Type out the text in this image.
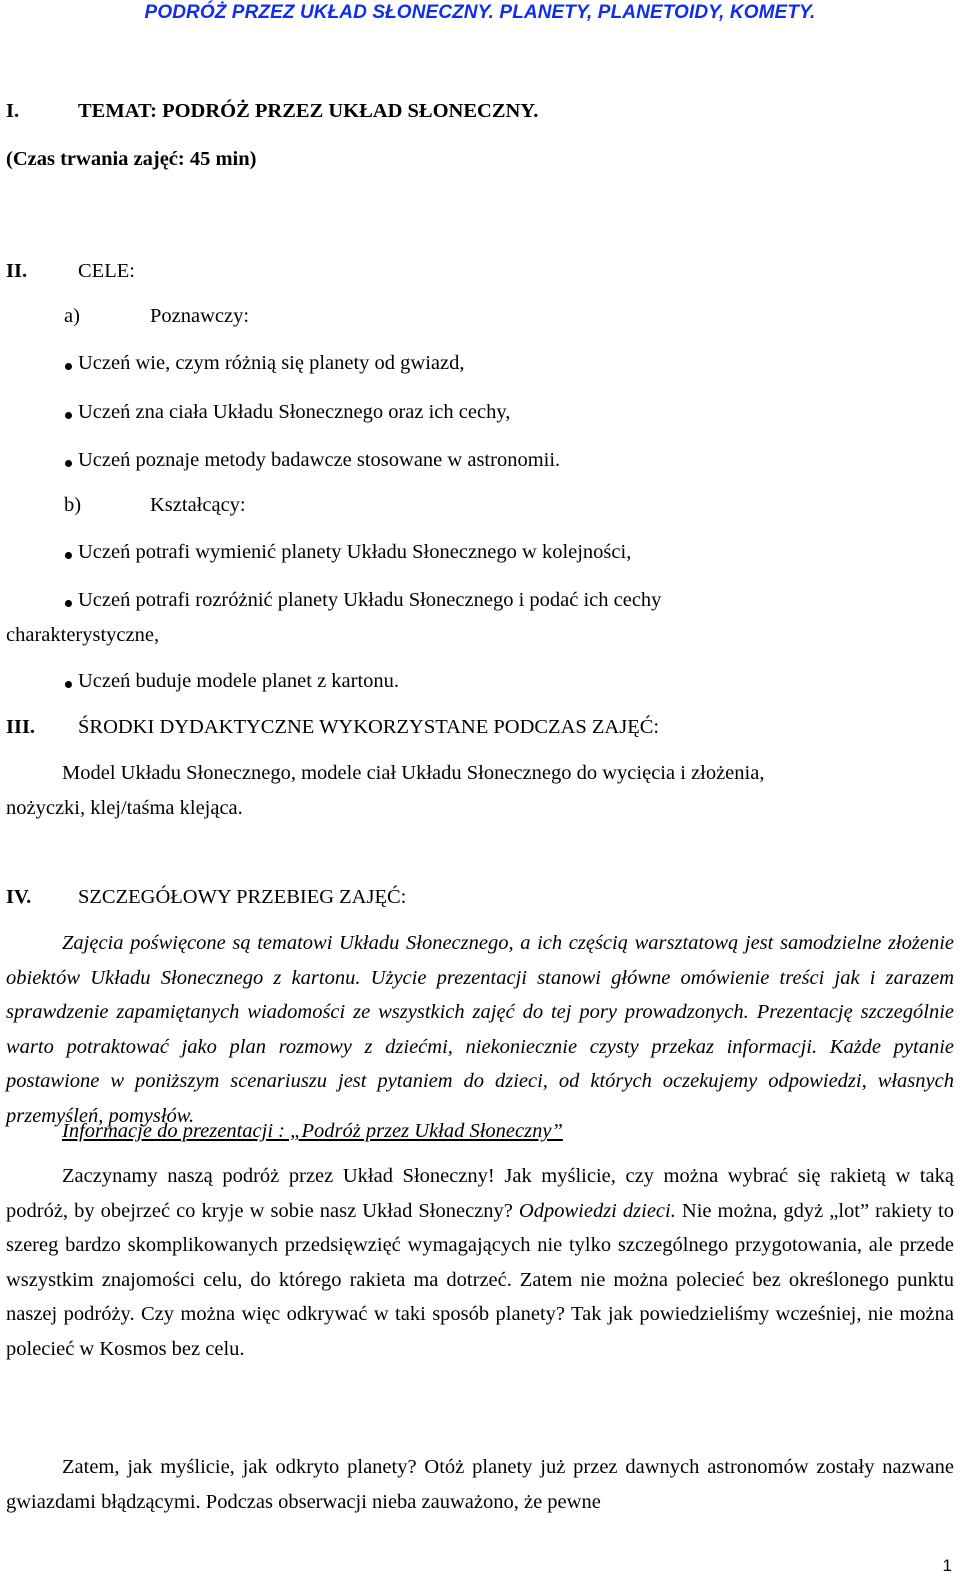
PODRÓŻ PRZEZ UKŁAD SŁONECZNY. PLANETY, PLANETOIDY, KOMETY.
I.	TEMAT: PODRÓŻ PRZEZ UKŁAD SŁONECZNY.
(Czas trwania zajęć: 45 min)
II. CELE:
a)	Poznawczy:
Uczeń wie, czym różnią się planety od gwiazd,
Uczeń zna ciała Układu Słonecznego oraz ich cechy,
Uczeń poznaje metody badawcze stosowane w astronomii.
b)	Kształcący:
Uczeń potrafi wymienić planety Układu Słonecznego w kolejności,
Uczeń potrafi rozróżnić planety Układu Słonecznego i podać ich cechy
charakterystyczne,
Uczeń buduje modele planet z kartonu.
III. ŚRODKI DYDAKTYCZNE WYKORZYSTANE PODCZAS ZAJĘĆ:
Model Układu Słonecznego, modele ciał Układu Słonecznego do wycięcia i złożenia,
nożyczki, klej/taśma klejąca.
IV. SZCZEGÓŁOWY PRZEBIEG ZAJĘĆ:
Zajęcia poświęcone są tematowi Układu Słonecznego, a ich częścią warsztatową jest samodzielne złożenie obiektów Układu Słonecznego z kartonu. Użycie prezentacji stanowi główne omówienie treści jak i zarazem sprawdzenie zapamiętanych wiadomości ze wszystkich zajęć do tej pory prowadzonych. Prezentację szczególnie warto potraktować jako plan rozmowy z dziećmi, niekoniecznie czysty przekaz informacji. Każde pytanie postawione w poniższym scenariuszu jest pytaniem do dzieci, od których oczekujemy odpowiedzi, własnych przemyśleń, pomysłów.
Informacje do prezentacji : „Podróż przez Układ Słoneczny”
Zaczynamy naszą podróż przez Układ Słoneczny! Jak myślicie, czy można wybrać się rakietą w taką podróż, by obejrzeć co kryje w sobie nasz Układ Słoneczny? Odpowiedzi dzieci. Nie można, gdyż „lot” rakiety to szereg bardzo skomplikowanych przedsięwzięć wymagających nie tylko szczególnego przygotowania, ale przede wszystkim znajomości celu, do którego rakieta ma dotrzeć. Zatem nie można polecieć bez określonego punktu naszej podróży. Czy można więc odkrywać w taki sposób planety? Tak jak powiedzieliśmy wcześniej, nie można polecieć w Kosmos bez celu.
Zatem, jak myślicie, jak odkryto planety? Otóż planety już przez dawnych astronomów zostały nazwane gwiazdami błądzącymi. Podczas obserwacji nieba zauważono, że pewne
1
